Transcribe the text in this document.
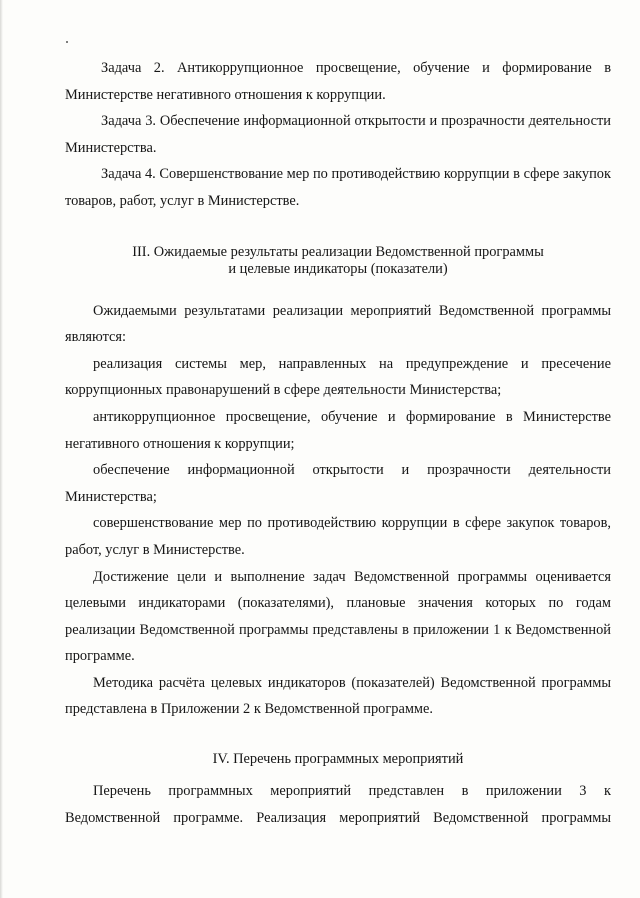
Задача 2. Антикоррупционное просвещение, обучение и формирование в Министерстве негативного отношения к коррупции.

Задача 3. Обеспечение информационной открытости и прозрачности деятельности Министерства.

Задача 4. Совершенствование мер по противодействию коррупции в сфере закупок товаров, работ, услуг в Министерстве.

III. Ожидаемые результаты реализации Ведомственной программы
и целевые индикаторы (показатели)

Ожидаемыми результатами реализации мероприятий Ведомственной программы являются:

реализация системы мер, направленных на предупреждение и пресечение коррупционных правонарушений в сфере деятельности Министерства;

антикоррупционное просвещение, обучение и формирование в Министерстве негативного отношения к коррупции;

обеспечение информационной открытости и прозрачности деятельности Министерства;

совершенствование мер по противодействию коррупции в сфере закупок товаров, работ, услуг в Министерстве.

Достижение цели и выполнение задач Ведомственной программы оценивается целевыми индикаторами (показателями), плановые значения которых по годам реализации Ведомственной программы представлены в приложении 1 к Ведомственной программе.

Методика расчёта целевых индикаторов (показателей) Ведомственной программы представлена в Приложении 2 к Ведомственной программе.

IV. Перечень программных мероприятий

Перечень программных мероприятий представлен в приложении 3 к Ведомственной программе. Реализация мероприятий Ведомственной программы
